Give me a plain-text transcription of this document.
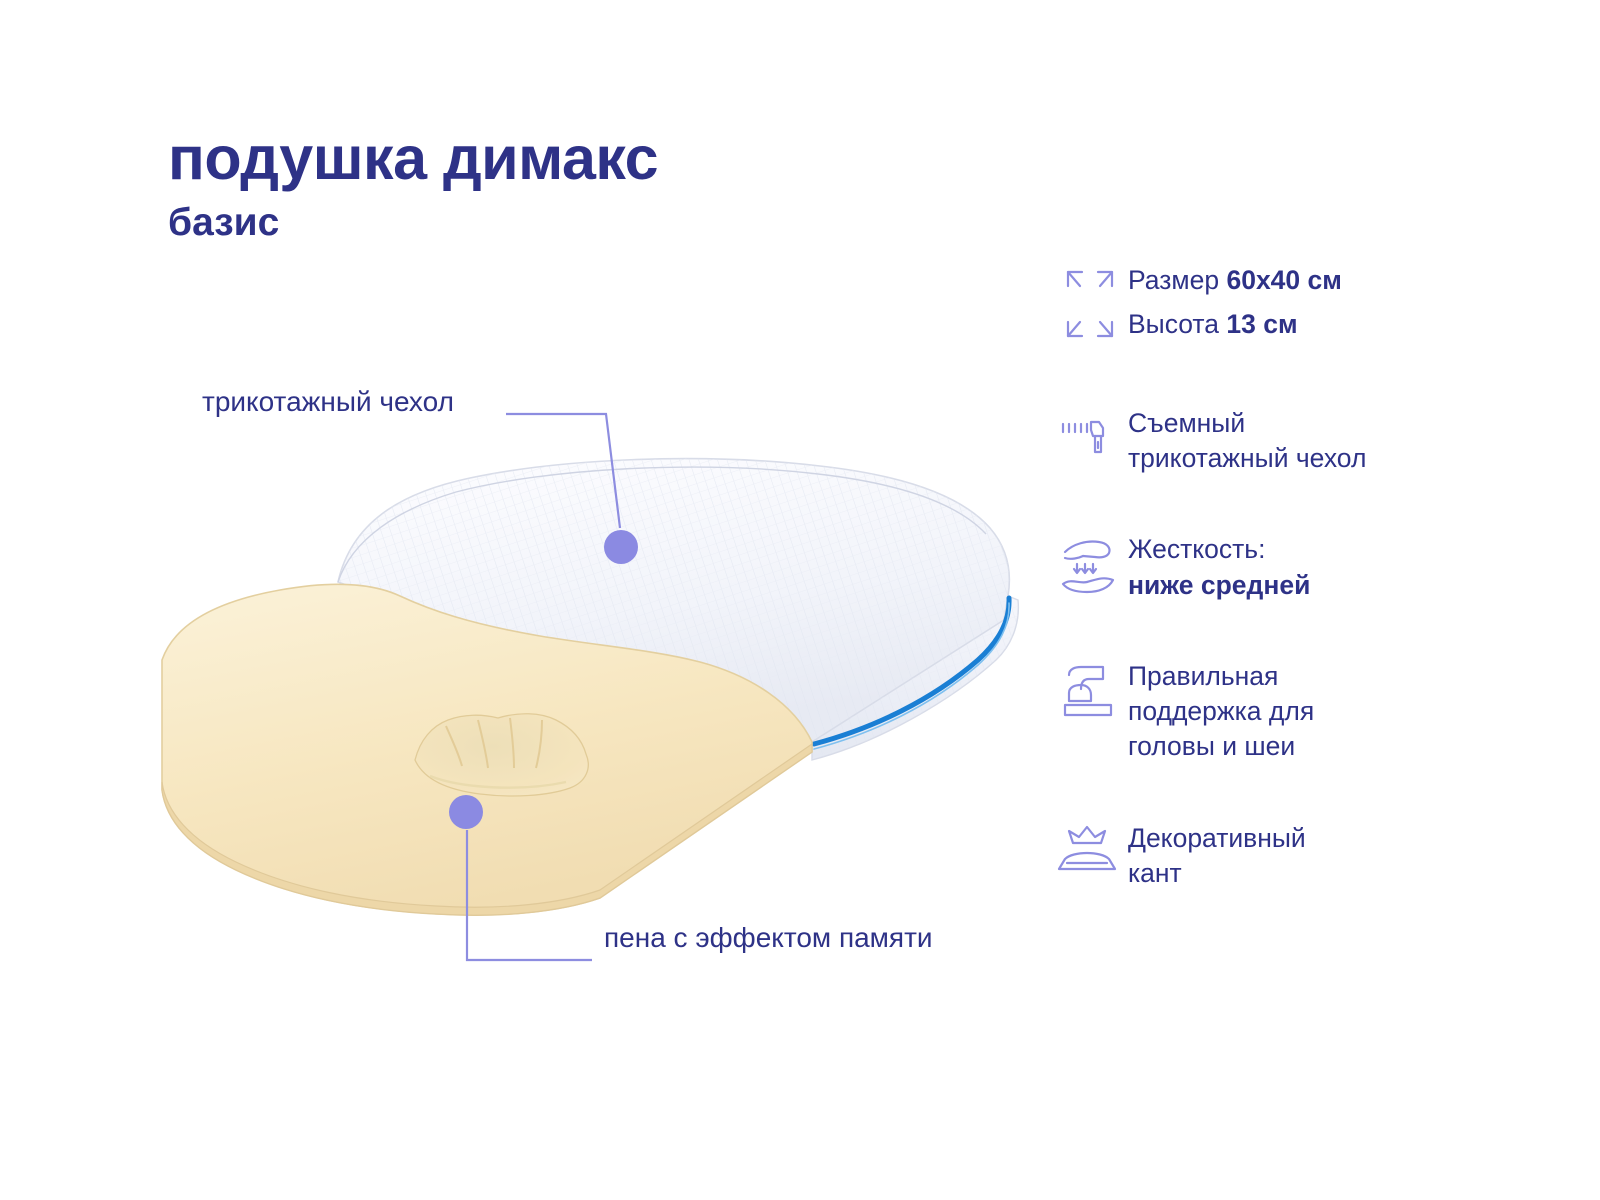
подушка димакс
базис
трикотажный чехол
пена с эффектом памяти
Размер 60x40 см
Высота 13 см
Съемный
трикотажный чехол
Жесткость:
ниже средней
Правильная
поддержка для
головы и шеи
Декоративный
кант
